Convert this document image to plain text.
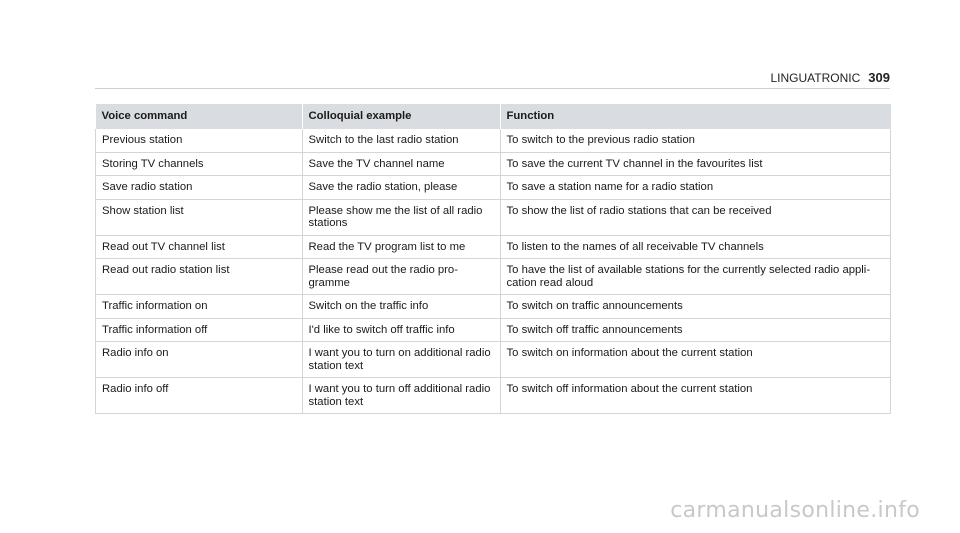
LINGUATRONIC 309
Voice command	Colloquial example	Function
Previous station	Switch to the last radio station	To switch to the previous radio station
Storing TV channels	Save the TV channel name	To save the current TV channel in the favourites list
Save radio station	Save the radio station, please	To save a station name for a radio station
Show station list	Please show me the list of all radio stations	To show the list of radio stations that can be received
Read out TV channel list	Read the TV program list to me	To listen to the names of all receivable TV channels
Read out radio station list	Please read out the radio pro-gramme	To have the list of available stations for the currently selected radio appli-cation read aloud
Traffic information on	Switch on the traffic info	To switch on traffic announcements
Traffic information off	I'd like to switch off traffic info	To switch off traffic announcements
Radio info on	I want you to turn on additional radio station text	To switch on information about the current station
Radio info off	I want you to turn off additional radio station text	To switch off information about the current station
carmanualsonline.info
